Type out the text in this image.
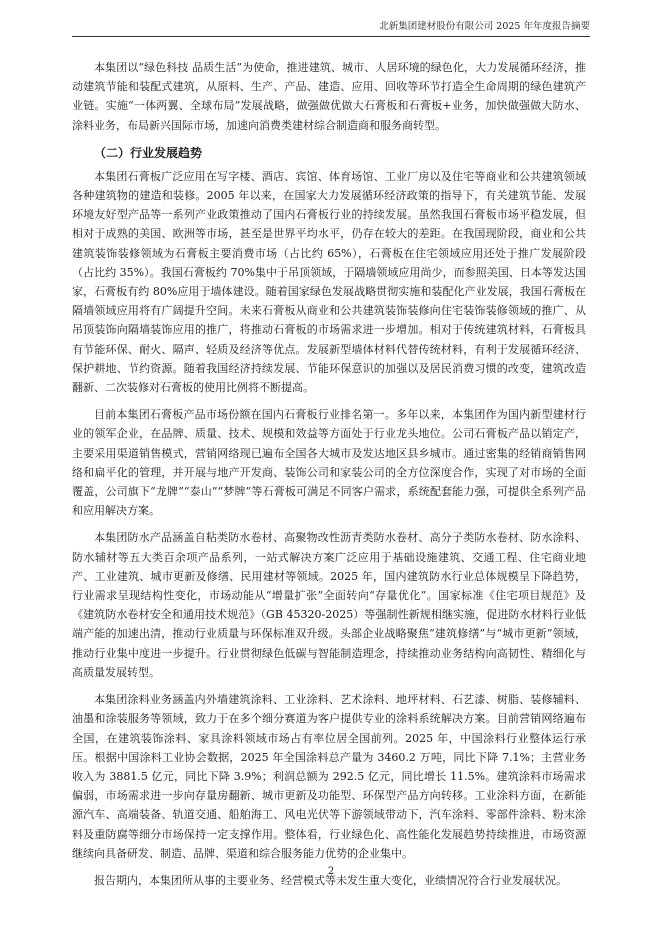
北新集团建材股份有限公司 2025 年年度报告摘要

本集团以“绿色科技 品质生活”为使命，推进建筑、城市、人居环境的绿色化，大力发展循环经济，推动建筑节能和装配式建筑，从原料、生产、产品、建造、应用、回收等环节打造全生命周期的绿色建筑产业链。实施“一体两翼、全球布局”发展战略，做强做优做大石膏板和石膏板+业务，加快做强做大防水、涂料业务，布局新兴国际市场，加速向消费类建材综合制造商和服务商转型。

（二）行业发展趋势

本集团石膏板广泛应用在写字楼、酒店、宾馆、体育场馆、工业厂房以及住宅等商业和公共建筑领域各种建筑物的建造和装修。2005 年以来，在国家大力发展循环经济政策的指导下，有关建筑节能、发展环境友好型产品等一系列产业政策推动了国内石膏板行业的持续发展。虽然我国石膏板市场平稳发展，但相对于成熟的美国、欧洲等市场，甚至是世界平均水平，仍存在较大的差距。在我国现阶段，商业和公共建筑装饰装修领域为石膏板主要消费市场（占比约 65%），石膏板在住宅领域应用还处于推广发展阶段（占比约 35%）。我国石膏板约 70%集中于吊顶领域，于隔墙领域应用尚少，而参照美国、日本等发达国家，石膏板有约 80%应用于墙体建设。随着国家绿色发展战略贯彻实施和装配化产业发展，我国石膏板在隔墙领域应用将有广阔提升空间。未来石膏板从商业和公共建筑装饰装修向住宅装饰装修领域的推广、从吊顶装饰向隔墙装饰应用的推广，将推动石膏板的市场需求进一步增加。相对于传统建筑材料，石膏板具有节能环保、耐火、隔声、轻质及经济等优点。发展新型墙体材料代替传统材料，有利于发展循环经济、保护耕地、节约资源。随着我国经济持续发展、节能环保意识的加强以及居民消费习惯的改变，建筑改造翻新、二次装修对石膏板的使用比例将不断提高。

目前本集团石膏板产品市场份额在国内石膏板行业排名第一。多年以来，本集团作为国内新型建材行业的领军企业，在品牌、质量、技术、规模和效益等方面处于行业龙头地位。公司石膏板产品以销定产，主要采用渠道销售模式，营销网络现已遍布全国各大城市及发达地区县乡城市。通过密集的经销商销售网络和扁平化的管理，并开展与地产开发商、装饰公司和家装公司的全方位深度合作，实现了对市场的全面覆盖，公司旗下“龙牌”“泰山”“梦牌”等石膏板可满足不同客户需求，系统配套能力强，可提供全系列产品和应用解决方案。

本集团防水产品涵盖自粘类防水卷材、高聚物改性沥青类防水卷材、高分子类防水卷材、防水涂料、防水辅材等五大类百余项产品系列，一站式解决方案广泛应用于基础设施建筑、交通工程、住宅商业地产、工业建筑、城市更新及修缮、民用建材等领域。2025 年，国内建筑防水行业总体规模呈下降趋势，行业需求呈现结构性变化，市场动能从“增量扩张”全面转向“存量优化”。国家标准《住宅项目规范》及《建筑防水卷材安全和通用技术规范》（GB 45320-2025）等强制性新规相继实施，促进防水材料行业低端产能的加速出清，推动行业质量与环保标准双升级。头部企业战略聚焦“建筑修缮”与“城市更新”领域，推动行业集中度进一步提升。行业贯彻绿色低碳与智能制造理念，持续推动业务结构向高韧性、精细化与高质量发展转型。

本集团涂料业务涵盖内外墙建筑涂料、工业涂料、艺术涂料、地坪材料、石艺漆、树脂、装修辅料、油墨和涂装服务等领域，致力于在多个细分赛道为客户提供专业的涂料系统解决方案。目前营销网络遍布全国，在建筑装饰涂料、家具涂料领域市场占有率位居全国前列。2025 年，中国涂料行业整体运行承压。根据中国涂料工业协会数据，2025 年全国涂料总产量为 3460.2 万吨，同比下降 7.1%；主营业务收入为 3881.5 亿元，同比下降 3.9%；利润总额为 292.5 亿元，同比增长 11.5%。建筑涂料市场需求偏弱，市场需求进一步向存量房翻新、城市更新及功能型、环保型产品方向转移。工业涂料方面，在新能源汽车、高端装备、轨道交通、船舶海工、风电光伏等下游领域带动下，汽车涂料、零部件涂料、粉末涂料及重防腐等细分市场保持一定支撑作用。整体看，行业绿色化、高性能化发展趋势持续推进，市场资源继续向具备研发、制造、品牌、渠道和综合服务能力优势的企业集中。

报告期内，本集团所从事的主要业务、经营模式等未发生重大变化，业绩情况符合行业发展状况。

2
